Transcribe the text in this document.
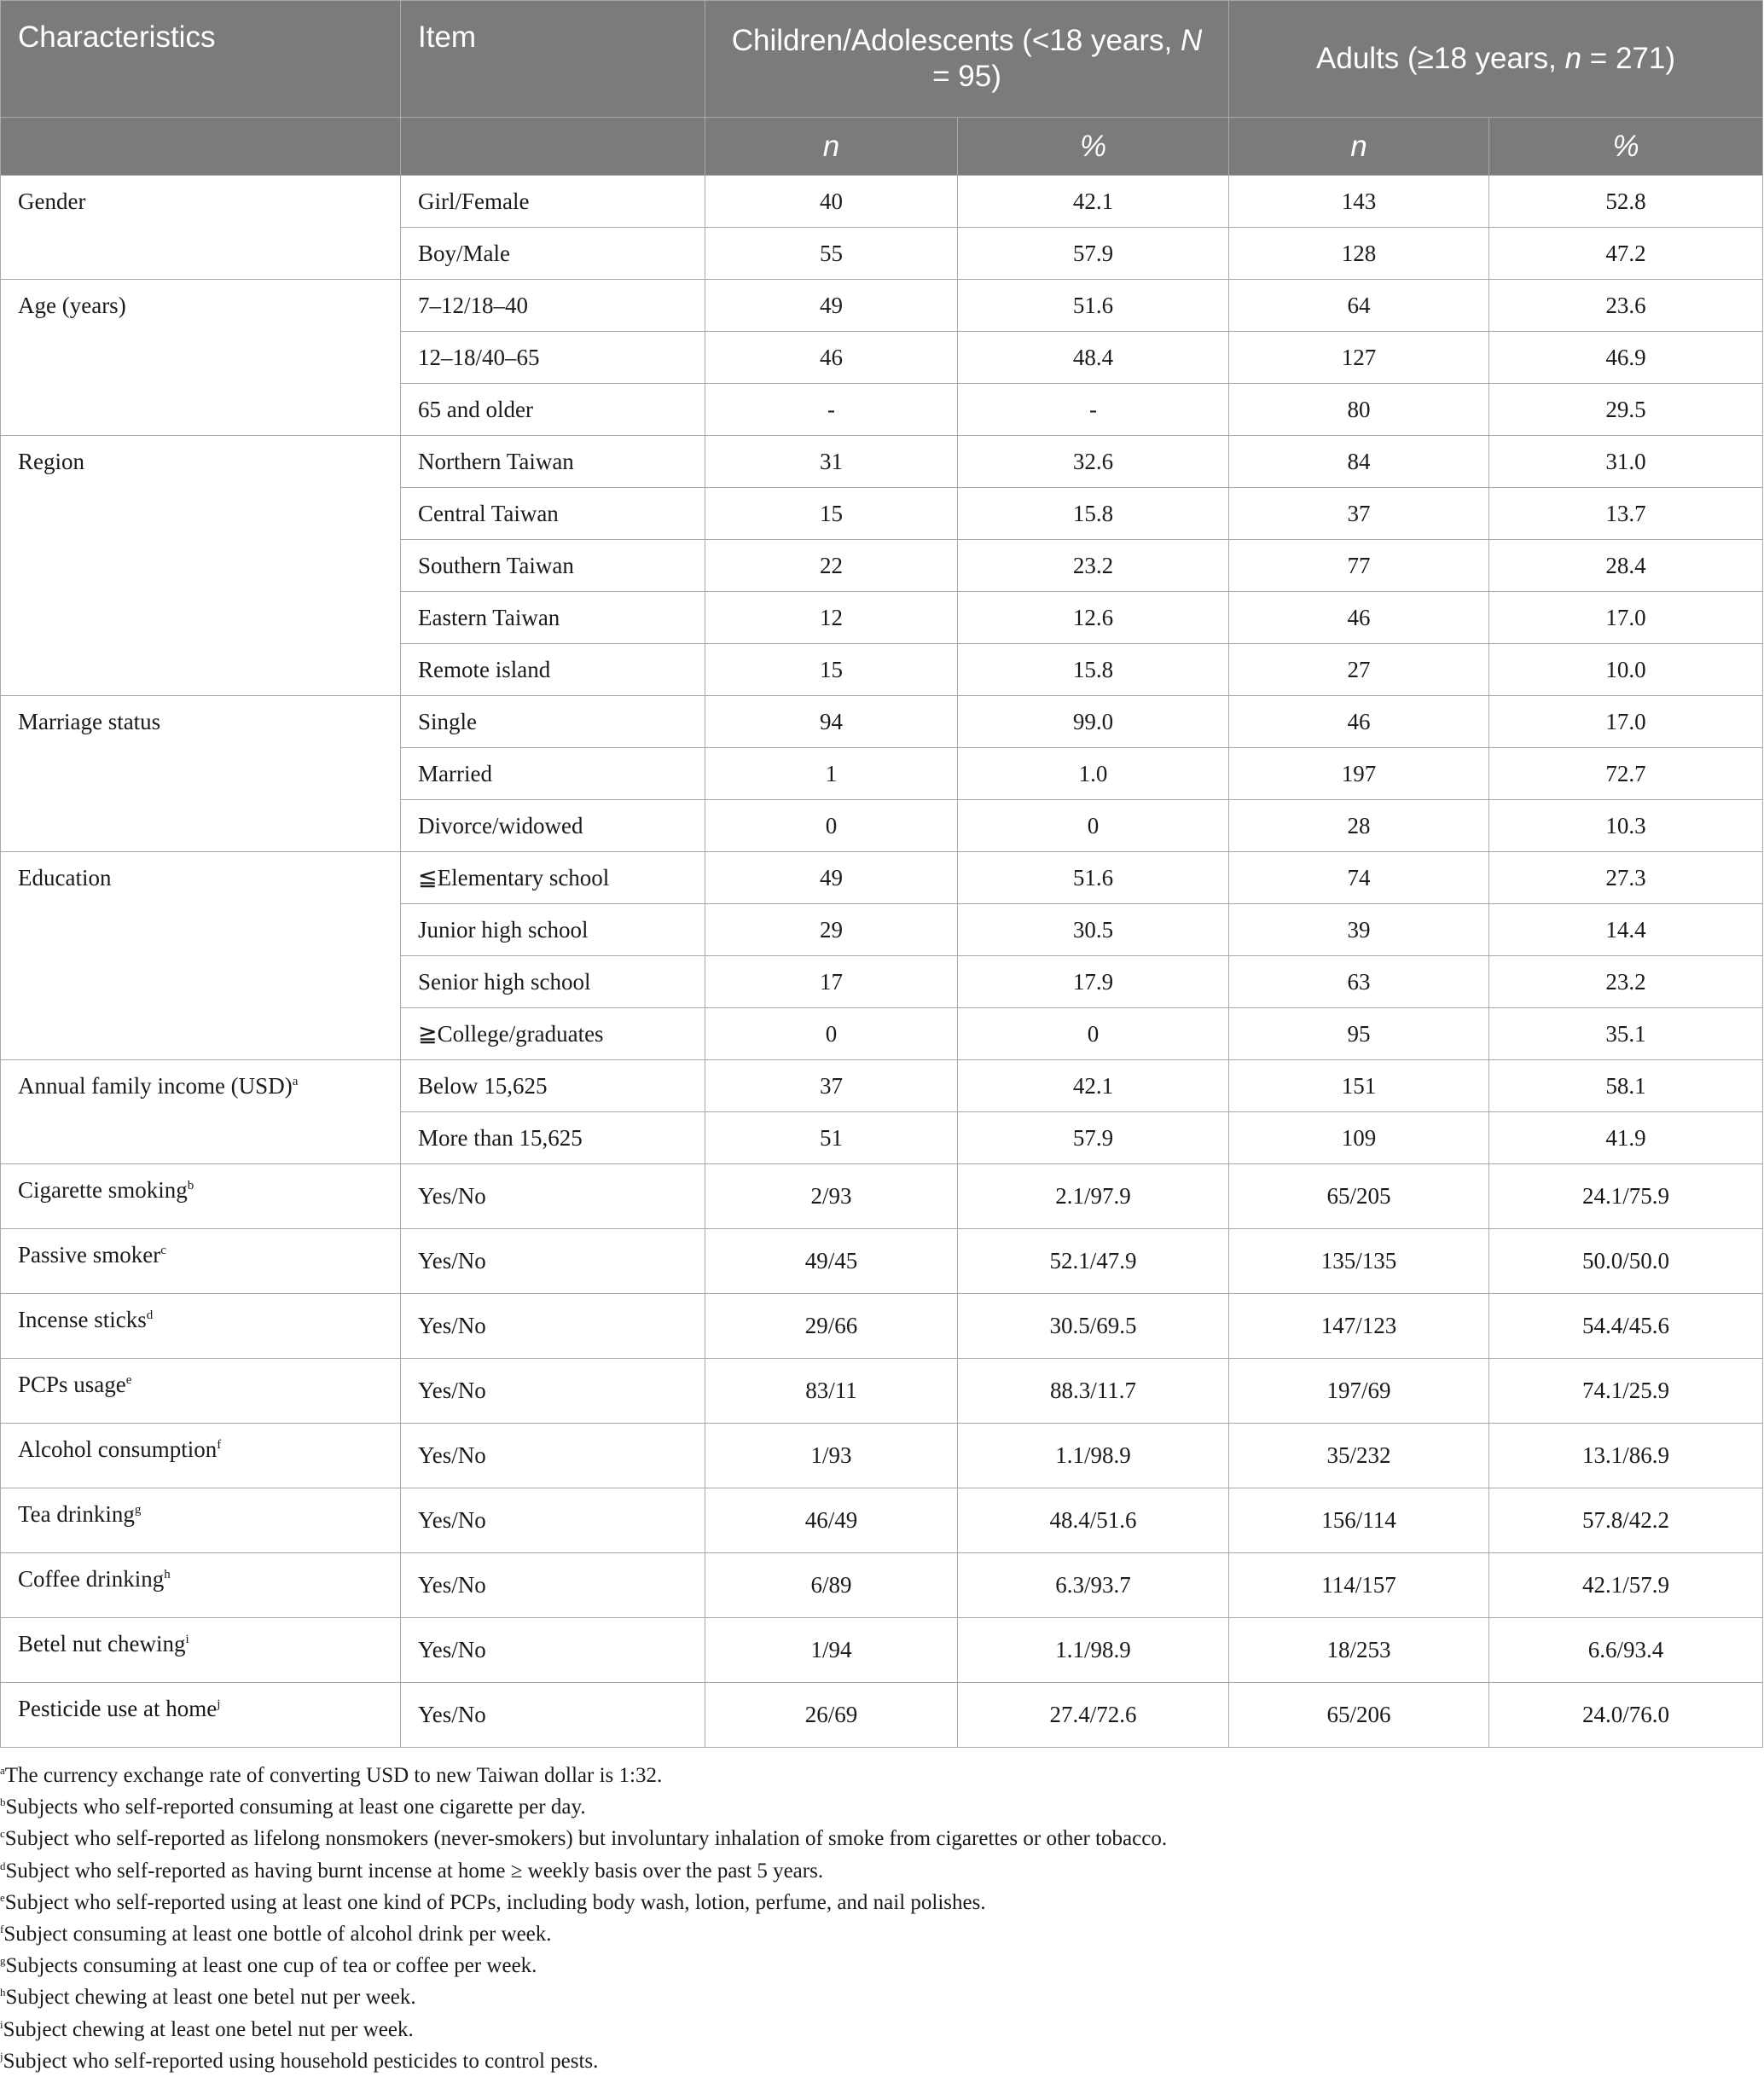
Characteristics	Item	Children/Adolescents (<18 years, N = 95)		Adults (≥18 years, n = 271)	
		n	%	n	%
Gender	Girl/Female	40	42.1	143	52.8
	Boy/Male	55	57.9	128	47.2
Age (years)	7–12/18–40	49	51.6	64	23.6
	12–18/40–65	46	48.4	127	46.9
	65 and older	-	-	80	29.5
Region	Northern Taiwan	31	32.6	84	31.0
	Central Taiwan	15	15.8	37	13.7
	Southern Taiwan	22	23.2	77	28.4
	Eastern Taiwan	12	12.6	46	17.0
	Remote island	15	15.8	27	10.0
Marriage status	Single	94	99.0	46	17.0
	Married	1	1.0	197	72.7
	Divorce/widowed	0	0	28	10.3
Education	≦Elementary school	49	51.6	74	27.3
	Junior high school	29	30.5	39	14.4
	Senior high school	17	17.9	63	23.2
	≧College/graduates	0	0	95	35.1
Annual family income (USD)$^a$	Below 15,625	37	42.1	151	58.1
	More than 15,625	51	57.9	109	41.9
Cigarette smoking$^b$	Yes/No	2/93	2.1/97.9	65/205	24.1/75.9
Passive smoker$^c$	Yes/No	49/45	52.1/47.9	135/135	50.0/50.0
Incense sticks$^d$	Yes/No	29/66	30.5/69.5	147/123	54.4/45.6
PCPs usage$^e$	Yes/No	83/11	88.3/11.7	197/69	74.1/25.9
Alcohol consumption$^f$	Yes/No	1/93	1.1/98.9	35/232	13.1/86.9
Tea drinking$^g$	Yes/No	46/49	48.4/51.6	156/114	57.8/42.2
Coffee drinking$^h$	Yes/No	6/89	6.3/93.7	114/157	42.1/57.9
Betel nut chewing$^i$	Yes/No	1/94	1.1/98.9	18/253	6.6/93.4
Pesticide use at home$^j$	Yes/No	26/69	27.4/72.6	65/206	24.0/76.0
$^a$The currency exchange rate of converting USD to new Taiwan dollar is 1:32.
$^b$Subjects who self-reported consuming at least one cigarette per day.
$^c$Subject who self-reported as lifelong nonsmokers (never-smokers) but involuntary inhalation of smoke from cigarettes or other tobacco.
$^d$Subject who self-reported as having burnt incense at home ≥ weekly basis over the past 5 years.
$^e$Subject who self-reported using at least one kind of PCPs, including body wash, lotion, perfume, and nail polishes.
$^f$Subject consuming at least one bottle of alcohol drink per week.
$^g$Subjects consuming at least one cup of tea or coffee per week.
$^h$Subject chewing at least one betel nut per week.
$^i$Subject chewing at least one betel nut per week.
$^j$Subject who self-reported using household pesticides to control pests.
